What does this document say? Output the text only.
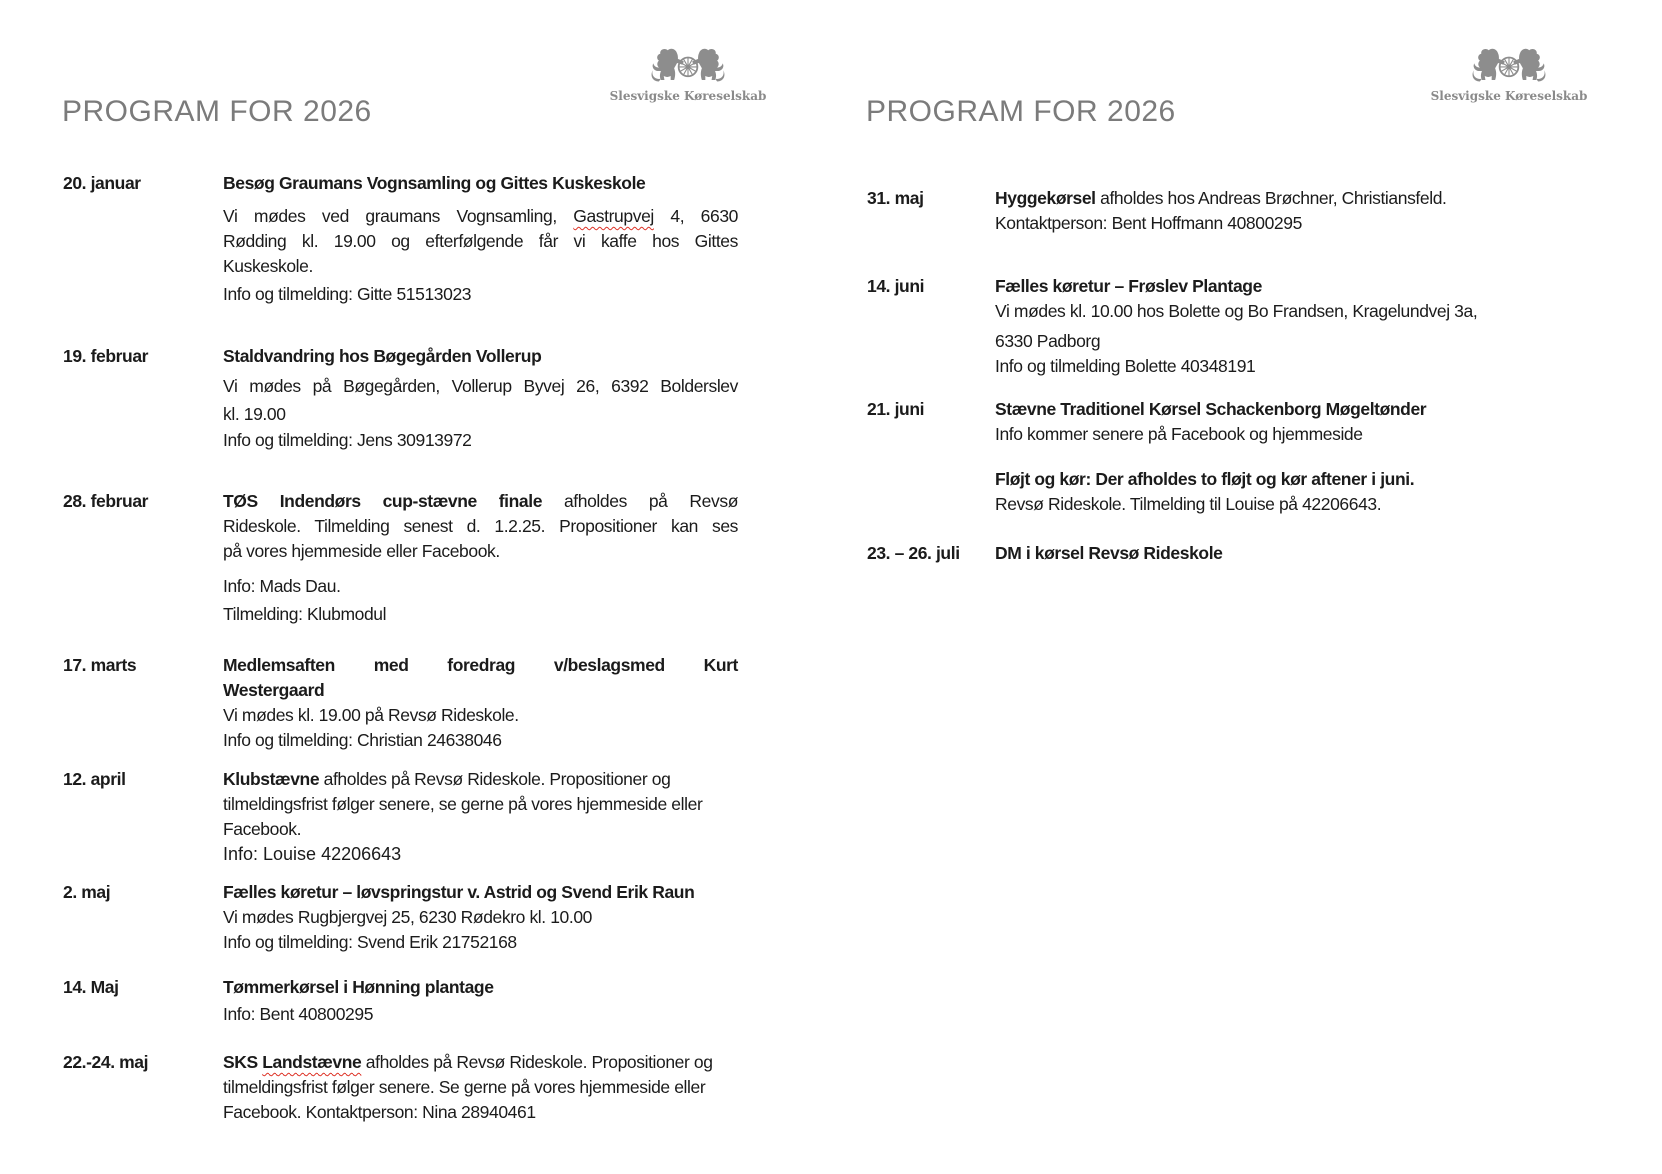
Slesvigske Køreselskab
PROGRAM FOR 2026
20. januar	Besøg Graumans Vognsamling og Gittes Kuskeskole

Vi mødes ved graumans Vognsamling, Gastrupvej 4, 6630

Rødding kl. 19.00 og efterfølgende får vi kaffe hos Gittes

Kuskeskole.

Info og tilmelding: Gitte 51513023

19. februar	Staldvandring hos Bøgegården Vollerup

Vi mødes på Bøgegården, Vollerup Byvej 26, 6392 Bolderslev

kl. 19.00

Info og tilmelding: Jens 30913972

28. februar	TØS Indendørs cup-stævne finale afholdes på Revsø

Rideskole. Tilmelding senest d. 1.2.25. Propositioner kan ses

på vores hjemmeside eller Facebook.

Info: Mads Dau.

Tilmelding: Klubmodul

17. marts	Medlemsaften med foredrag v/beslagsmed Kurt

Westergaard

Vi mødes kl. 19.00 på Revsø Rideskole.

Info og tilmelding: Christian 24638046

12. april	Klubstævne afholdes på Revsø Rideskole. Propositioner og

tilmeldingsfrist følger senere, se gerne på vores hjemmeside eller

Facebook.

Info: Louise 42206643

2. maj	Fælles køretur – løvspringstur v. Astrid og Svend Erik Raun

Vi mødes Rugbjergvej 25, 6230 Rødekro kl. 10.00

Info og tilmelding: Svend Erik 21752168

14. Maj	Tømmerkørsel i Hønning plantage

Info: Bent 40800295

22.-24. maj	SKS Landstævne afholdes på Revsø Rideskole. Propositioner og

tilmeldingsfrist følger senere. Se gerne på vores hjemmeside eller

Facebook. Kontaktperson: Nina 28940461

Slesvigske Køreselskab
PROGRAM FOR 2026
31. maj	Hyggekørsel afholdes hos Andreas Brøchner, Christiansfeld.

Kontaktperson: Bent Hoffmann 40800295

14. juni	Fælles køretur – Frøslev Plantage

Vi mødes kl. 10.00 hos Bolette og Bo Frandsen, Kragelundvej 3a,

6330 Padborg

Info og tilmelding Bolette 40348191

21. juni	Stævne Traditionel Kørsel Schackenborg Møgeltønder

Info kommer senere på Facebook og hjemmeside

Fløjt og kør: Der afholdes to fløjt og kør aftener i juni.

Revsø Rideskole. Tilmelding til Louise på 42206643.

23. – 26. juli	DM i kørsel Revsø Rideskole
